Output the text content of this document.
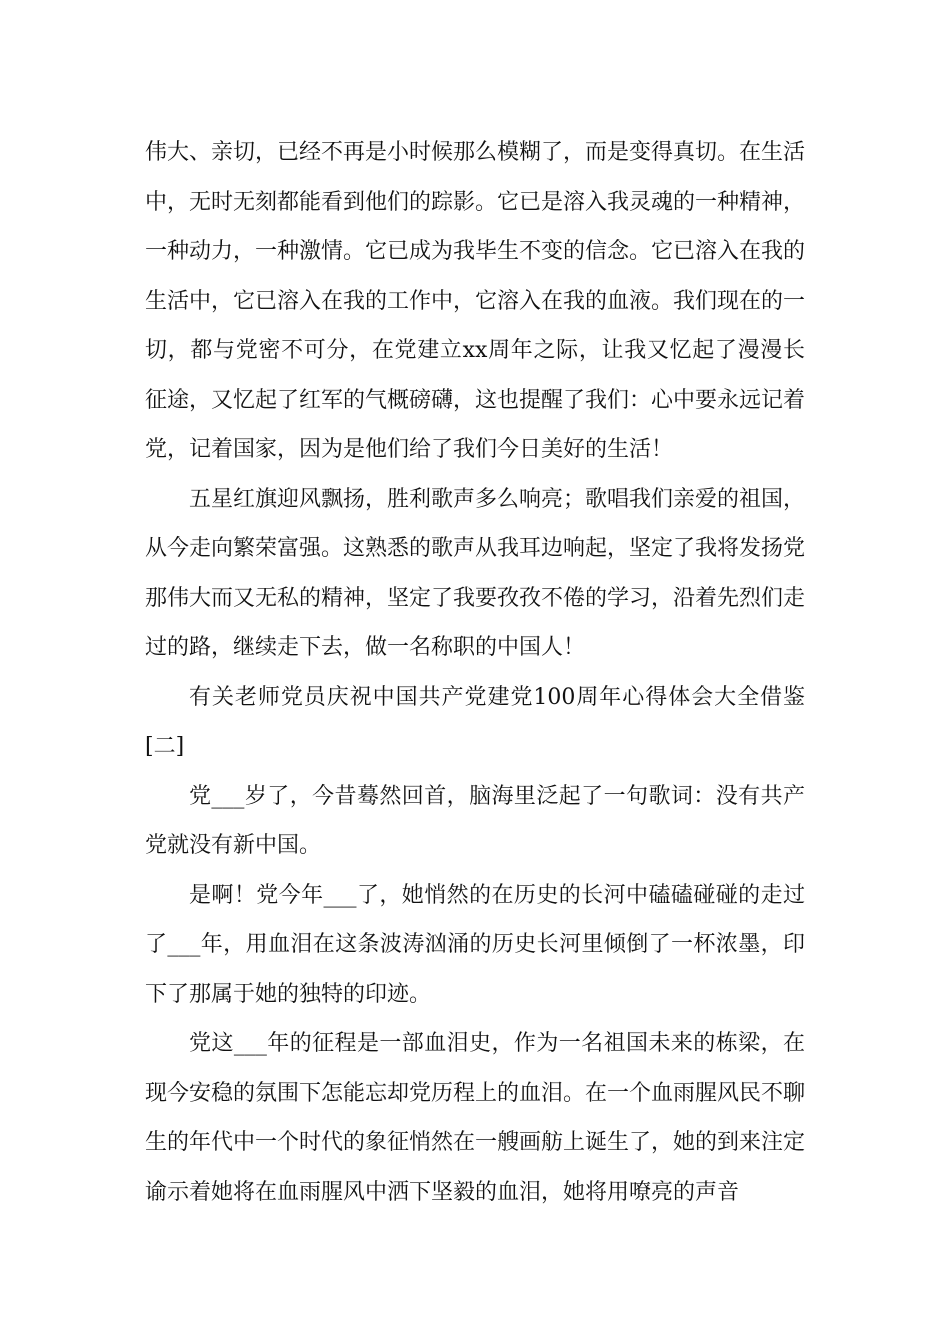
伟大、亲切，已经不再是小时候那么模糊了，而是变得真切。在生活中，无时无刻都能看到他们的踪影。它已是溶入我灵魂的一种精神，一种动力，一种激情。它已成为我毕生不变的信念。它已溶入在我的生活中，它已溶入在我的工作中，它溶入在我的血液。我们现在的一切，都与党密不可分，在党建立xx周年之际，让我又忆起了漫漫长征途，又忆起了红军的气概磅礴，这也提醒了我们：心中要永远记着党，记着国家，因为是他们给了我们今日美好的生活！

五星红旗迎风飘扬，胜利歌声多么响亮；歌唱我们亲爱的祖国，从今走向繁荣富强。这熟悉的歌声从我耳边响起，坚定了我将发扬党那伟大而又无私的精神，坚定了我要孜孜不倦的学习，沿着先烈们走过的路，继续走下去，做一名称职的中国人！

有关老师党员庆祝中国共产党建党100周年心得体会大全借鉴[二]

党___岁了，今昔蓦然回首，脑海里泛起了一句歌词：没有共产党就没有新中国。

是啊！党今年___了，她悄然的在历史的长河中磕磕碰碰的走过了___年，用血泪在这条波涛汹涌的历史长河里倾倒了一杯浓墨，印下了那属于她的独特的印迹。

党这___年的征程是一部血泪史，作为一名祖国未来的栋梁，在现今安稳的氛围下怎能忘却党历程上的血泪。在一个血雨腥风民不聊生的年代中一个时代的象征悄然在一艘画舫上诞生了，她的到来注定谕示着她将在血雨腥风中洒下坚毅的血泪，她将用嘹亮的声音
